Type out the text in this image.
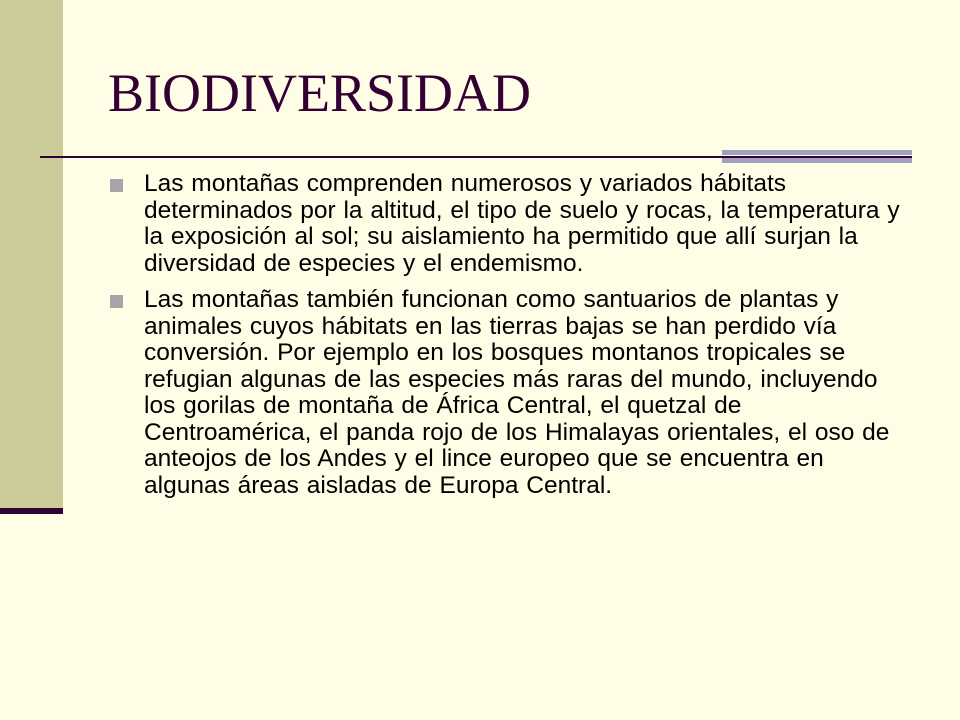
BIODIVERSIDAD
Las montañas comprenden numerosos y variados hábitats determinados por la altitud, el tipo de suelo y rocas, la temperatura y la exposición al sol; su aislamiento ha permitido que allí surjan la diversidad de especies y el endemismo.
Las montañas también funcionan como santuarios de plantas y animales cuyos hábitats en las tierras bajas se han perdido vía conversión. Por ejemplo en los bosques montanos tropicales se refugian algunas de las especies más raras del mundo, incluyendo los gorilas de montaña de África Central, el quetzal de Centroamérica, el panda rojo de los Himalayas orientales, el oso de anteojos de los Andes y el lince europeo que se encuentra en algunas áreas aisladas de Europa Central.
